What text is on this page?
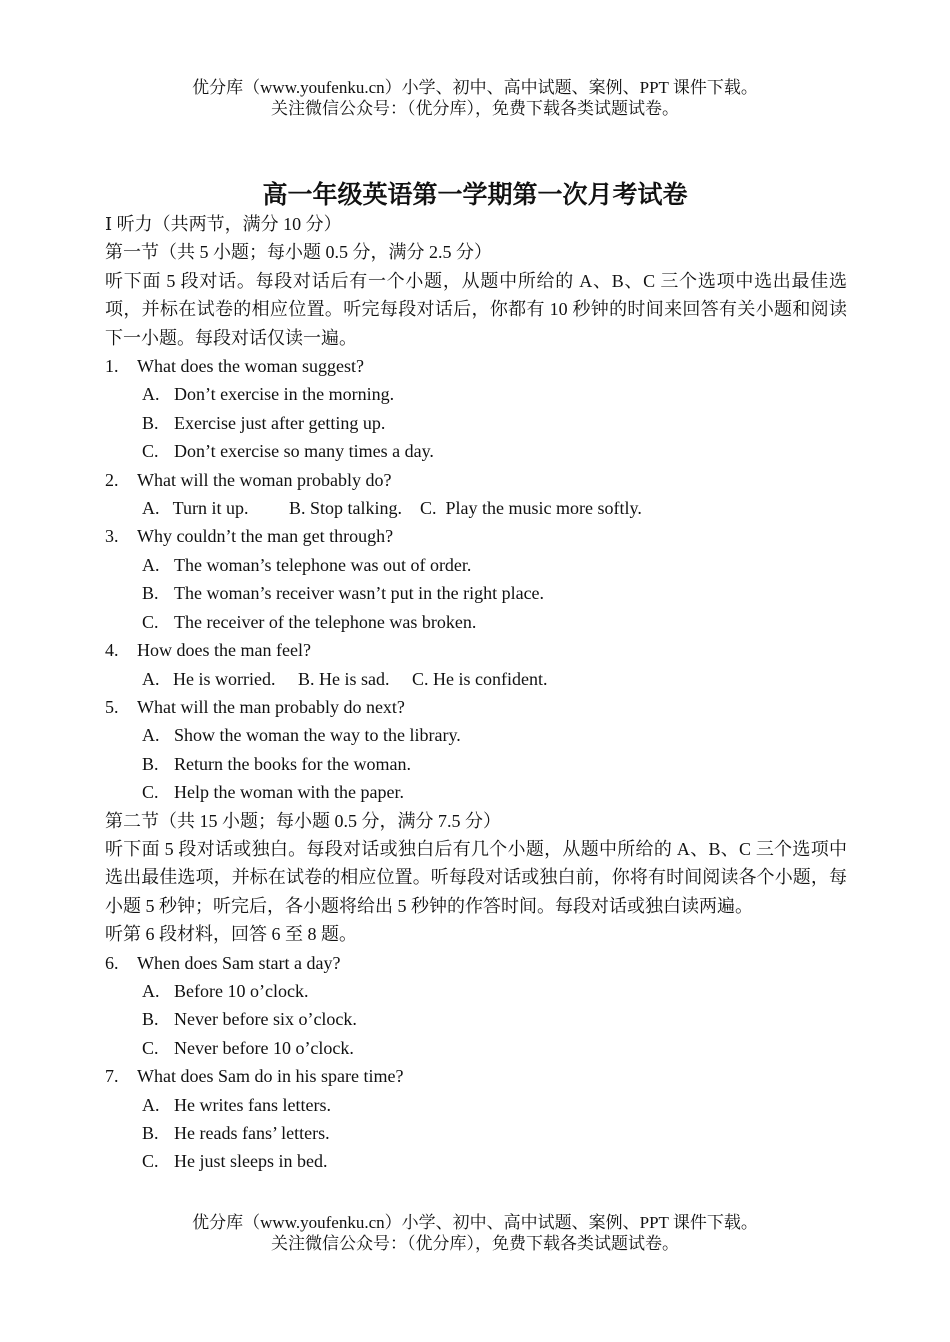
优分库（www.youfenku.cn）小学、初中、高中试题、案例、PPT 课件下载。
关注微信公众号：（优分库），免费下载各类试题试卷。
高一年级英语第一学期第一次月考试卷
Ⅰ 听力（共两节，满分 10 分）
第一节（共 5 小题；每小题 0.5 分，满分 2.5 分）
听下面 5 段对话。每段对话后有一个小题，从题中所给的 A、B、C 三个选项中选出最佳选项，并标在试卷的相应位置。听完每段对话后，你都有 10 秒钟的时间来回答有关小题和阅读下一小题。每段对话仅读一遍。
1.	What does the woman suggest?
A. Don’t exercise in the morning.
B. Exercise just after getting up.
C. Don’t exercise so many times a day.
2.	What will the woman probably do?
A.   Turn it up.         B. Stop talking.    C.  Play the music more softly.
3.	Why couldn’t the man get through?
A. The woman’s telephone was out of order.
B. The woman’s receiver wasn’t put in the right place.
C. The receiver of the telephone was broken.
4.	How does the man feel?
A.   He is worried.     B. He is sad.     C. He is confident.
5.	What will the man probably do next?
A. Show the woman the way to the library.
B. Return the books for the woman.
C. Help the woman with the paper.
第二节（共 15 小题；每小题 0.5 分，满分 7.5 分）
听下面 5 段对话或独白。每段对话或独白后有几个小题，从题中所给的 A、B、C 三个选项中选出最佳选项，并标在试卷的相应位置。听每段对话或独白前，你将有时间阅读各个小题，每小题 5 秒钟；听完后，各小题将给出 5 秒钟的作答时间。每段对话或独白读两遍。
听第 6 段材料，回答 6 至 8 题。
6.	When does Sam start a day?
A. Before 10 o’clock.
B. Never before six o’clock.
C. Never before 10 o’clock.
7.	What does Sam do in his spare time?
A. He writes fans letters.
B. He reads fans’ letters.
C. He just sleeps in bed.
优分库（www.youfenku.cn）小学、初中、高中试题、案例、PPT 课件下载。
关注微信公众号：（优分库），免费下载各类试题试卷。
